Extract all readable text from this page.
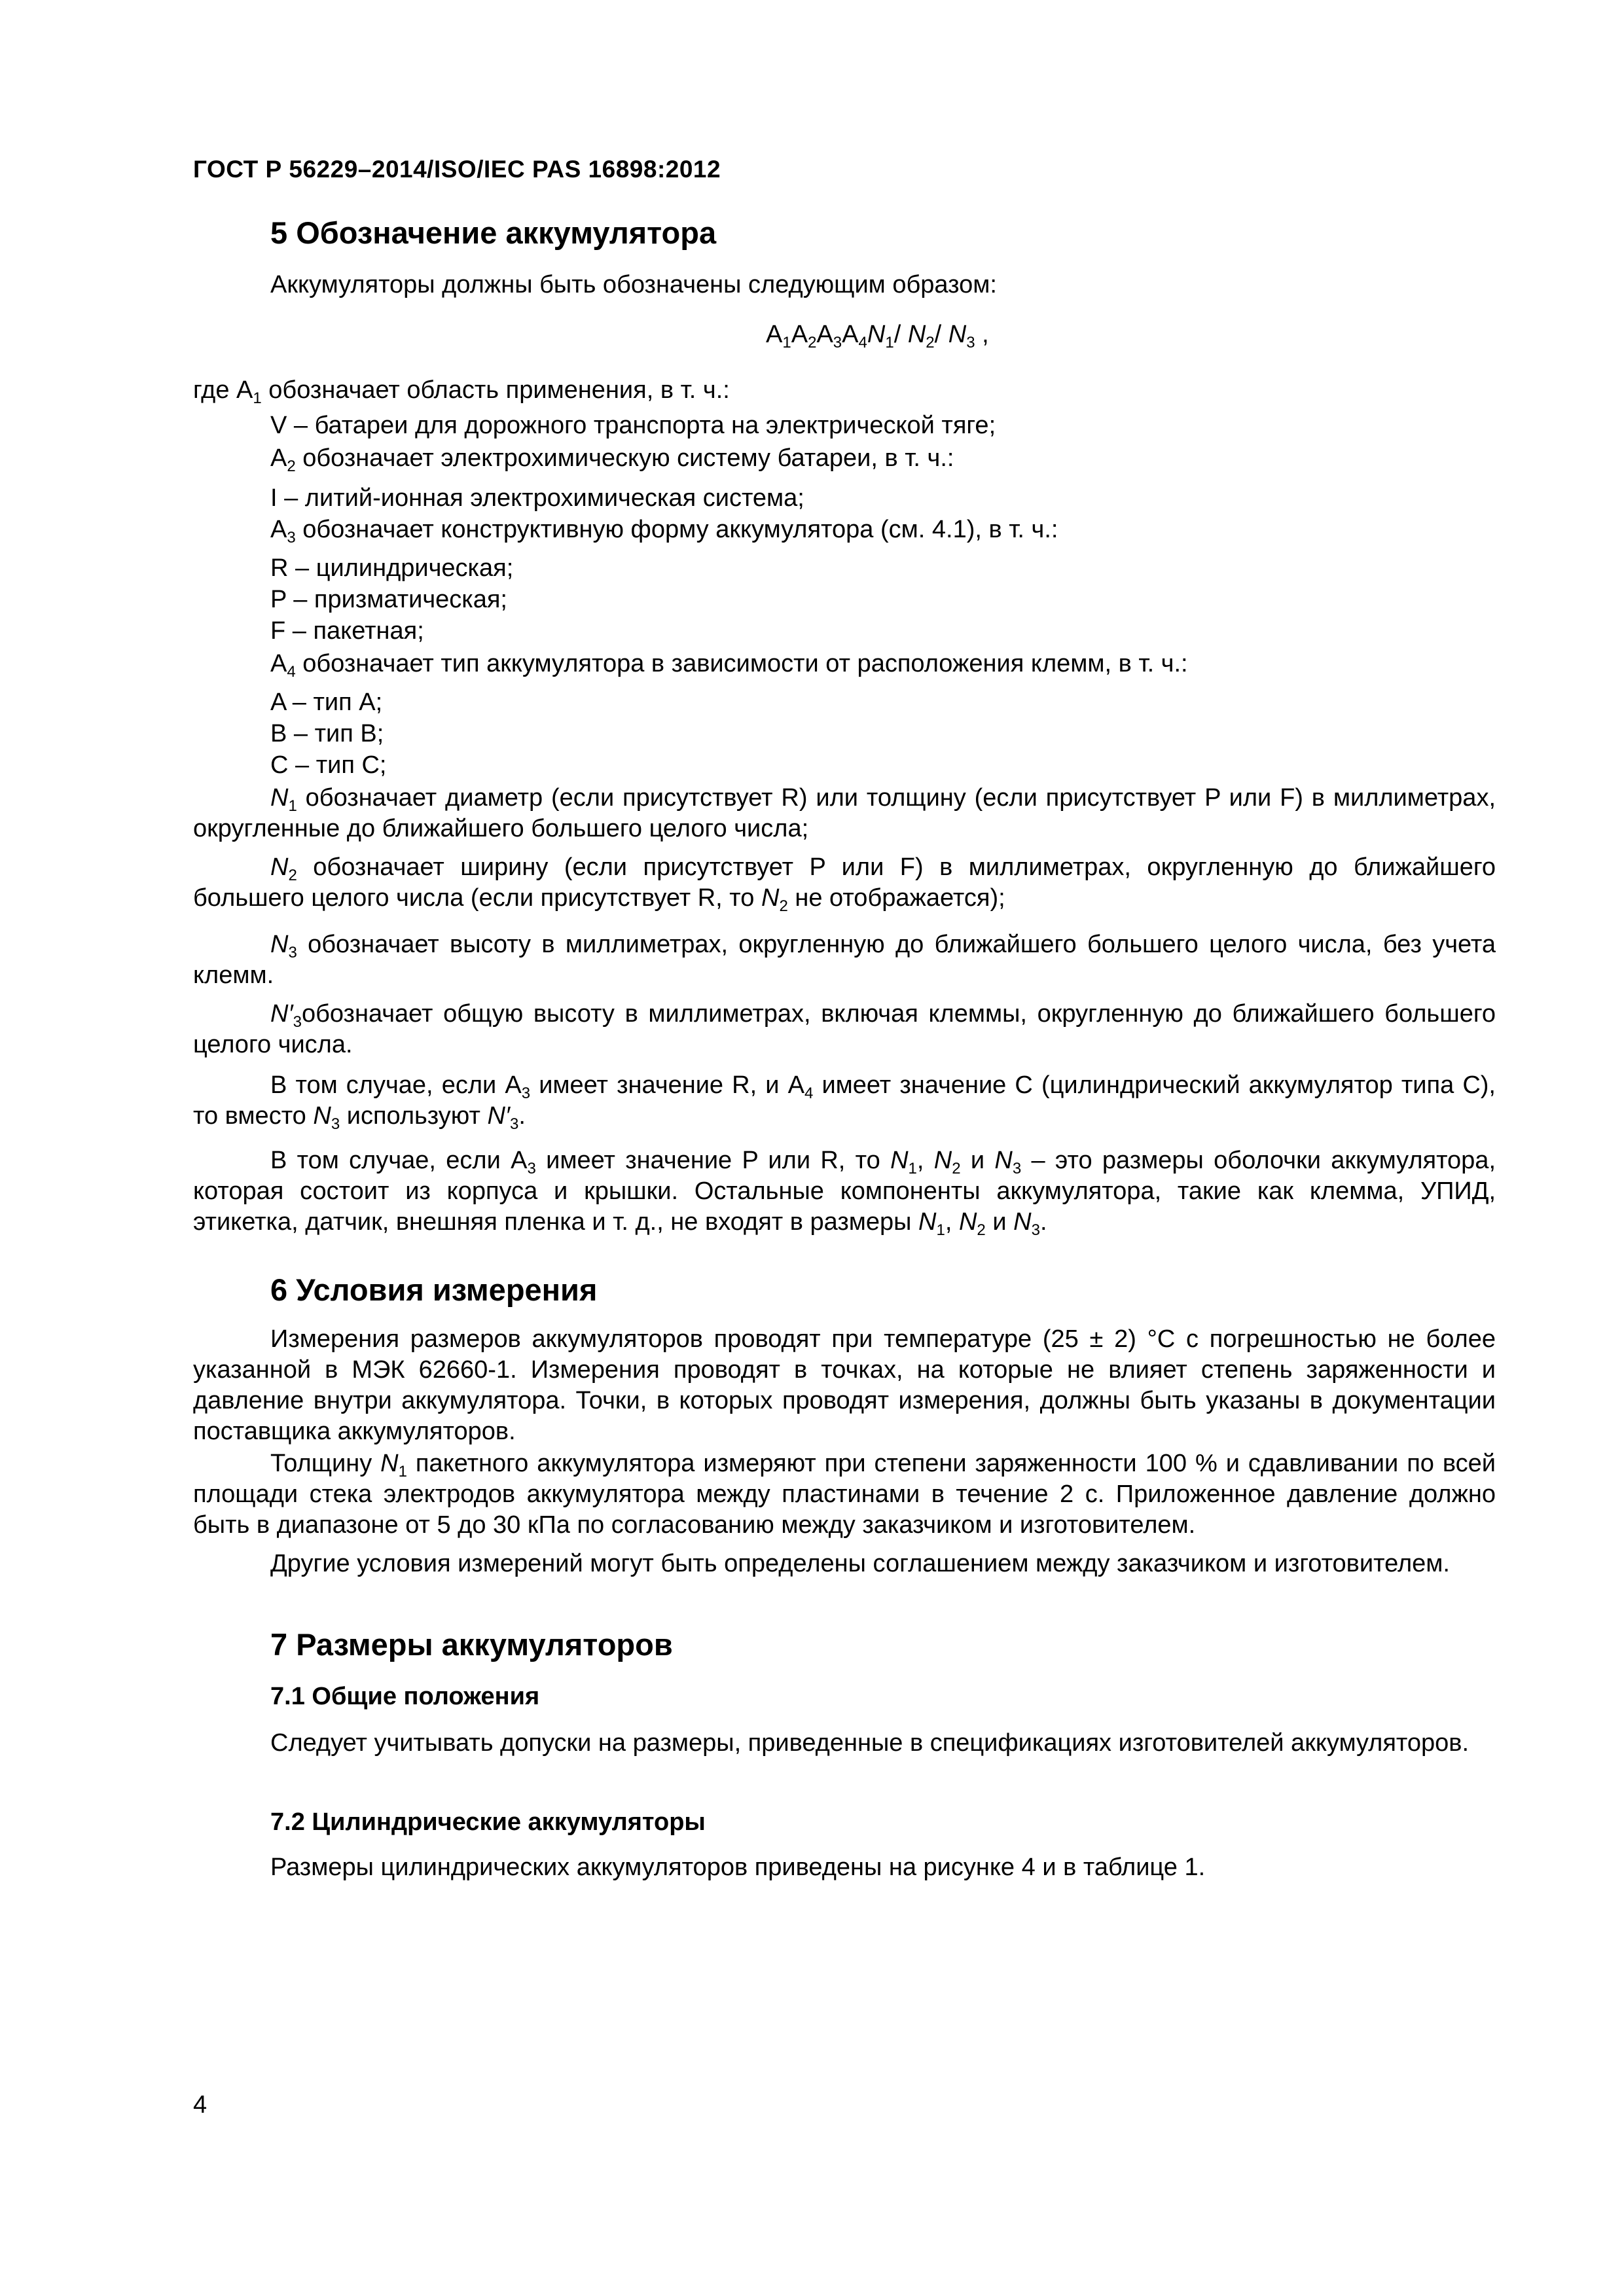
ГОСТ Р 56229–2014/ISO/IEC PAS 16898:2012
5 Обозначение аккумулятора
Аккумуляторы должны быть обозначены следующим образом:
$A_1A_2A_3A_4N_1/$ $N_2/$ $N_3$ ,
где $A_1$ обозначает область применения, в т. ч.:
V – батареи для дорожного транспорта на электрической тяге;
$A_2$ обозначает электрохимическую систему батареи, в т. ч.:
I – литий-ионная электрохимическая система;
$A_3$ обозначает конструктивную форму аккумулятора (см. 4.1), в т. ч.:
R – цилиндрическая;
P – призматическая;
F – пакетная;
$A_4$ обозначает тип аккумулятора в зависимости от расположения клемм, в т. ч.:
A – тип A;
B – тип B;
C – тип C;
$N_1$ обозначает диаметр (если присутствует R) или толщину (если присутствует P или F) в миллиметрах, округленные до ближайшего большего целого числа;
$N_2$ обозначает ширину (если присутствует P или F) в миллиметрах, округленную до ближайшего большего целого числа (если присутствует R, то $N_2$ не отображается);
$N_3$ обозначает высоту в миллиметрах, округленную до ближайшего большего целого числа, без учета клемм.
$N'_3обозначает$ общую высоту в миллиметрах, включая клеммы, округленную до ближайшего большего целого числа.
В том случае, если $A_3$ имеет значение R, и $A_4$ имеет значение C (цилиндрический аккумулятор типа C), то вместо $N_3$ используют $N'_3$.
В том случае, если $A_3$ имеет значение P или R, то $N_1$, $N_2$ и $N_3$ – это размеры оболочки аккумулятора, которая состоит из корпуса и крышки. Остальные компоненты аккумулятора, такие как клемма, УПИД, этикетка, датчик, внешняя пленка и т. д., не входят в размеры $N_1$, $N_2$ и $N_3$.
6 Условия измерения
Измерения размеров аккумуляторов проводят при температуре (25 ± 2) °С с погрешностью не более указанной в МЭК 62660-1. Измерения проводят в точках, на которые не влияет степень заряженности и давление внутри аккумулятора. Точки, в которых проводят измерения, должны быть указаны в документации поставщика аккумуляторов.
Толщину $N_1$ пакетного аккумулятора измеряют при степени заряженности 100 % и сдавливании по всей площади стека электродов аккумулятора между пластинами в течение 2 с. Приложенное давление должно быть в диапазоне от 5 до 30 кПа по согласованию между заказчиком и изготовителем.
Другие условия измерений могут быть определены соглашением между заказчиком и изготовителем.
7 Размеры аккумуляторов
7.1 Общие положения
Следует учитывать допуски на размеры, приведенные в спецификациях изготовителей аккумуляторов.
7.2 Цилиндрические аккумуляторы
Размеры цилиндрических аккумуляторов приведены на рисунке 4 и в таблице 1.
4
